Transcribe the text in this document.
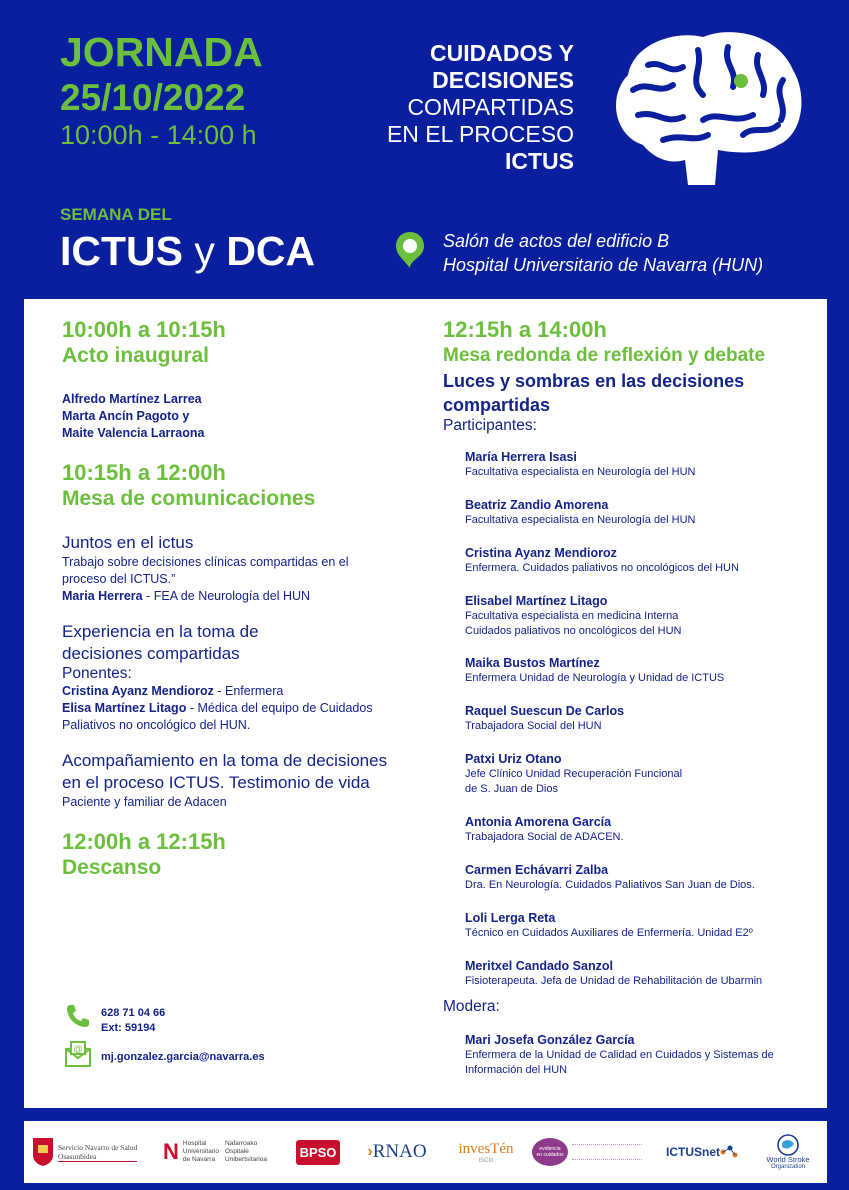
JORNADA
25/10/2022
10:00h - 14:00 h
CUIDADOS Y
DECISIONES
COMPARTIDAS
EN EL PROCESO
ICTUS
SEMANA DEL
ICTUS y DCA	Salón de actos del edificio B
Hospital Universitario de Navarra (HUN)
10:00h a 10:15h
Acto inaugural
Alfredo Martínez Larrea
Marta Ancín Pagoto y
Maite Valencia Larraona
10:15h a 12:00h
Mesa de comunicaciones
Juntos en el ictus
Trabajo sobre decisiones clínicas compartidas en el
proceso del ICTUS.”
Maria Herrera - FEA de Neurología del HUN
Experiencia en la toma de
decisiones compartidas
Ponentes:
Cristina Ayanz Mendioroz - Enfermera
Elisa Martínez Litago - Médica del equipo de Cuidados
Paliativos no oncológico del HUN.
Acompañamiento en la toma de decisiones
en el proceso ICTUS. Testimonio de vida
Paciente y familiar de Adacen
12:00h a 12:15h
Descanso
628 71 04 66
Ext: 59194
@
mj.gonzalez.garcia@navarra.es
12:15h a 14:00h
Mesa redonda de reflexión y debate
Luces y sombras en las decisiones
compartidas
Participantes:
María Herrera Isasi
Facultativa especialista en Neurología del HUN
Beatriz Zandio Amorena
Facultativa especialista en Neurología del HUN
Cristina Ayanz Mendioroz
Enfermera. Cuidados paliativos no oncológicos del HUN
Elisabel Martínez Litago
Facultativa especialista en medicina Interna
Cuidados paliativos no oncológicos del HUN
Maika Bustos Martínez
Enfermera Unidad de Neurología y Unidad de ICTUS
Raquel Suescun De Carlos
Trabajadora Social del HUN
Patxi Uriz Otano
Jefe Clínico Unidad Recuperación Funcional
de S. Juan de Dios
Antonia Amorena García
Trabajadora Social de ADACEN.
Carmen Echávarri Zalba
Dra. En Neurología. Cuidados Paliativos San Juan de Dios.
Loli Lerga Reta
Técnico en Cuidados Auxiliares de Enfermería. Unidad E2º
Meritxel Candado Sanzol
Fisioterapeuta. Jefa de Unidad de Rehabilitación de Ubarmin
Modera:
Mari Josefa González García
Enfermera de la Unidad de Calidad en Cuidados y Sistemas de
Información del HUN
Servicio Navarro de Salud
Osasunbidea	N Hospital
Universitario
de Navarra
Nafarroako
Ospitale
Unibertsitarioa	BPSO › RNAO invesTén
ISCIII
evidencia
en cuidados	ICTUSnet	World Stroke
Organization
